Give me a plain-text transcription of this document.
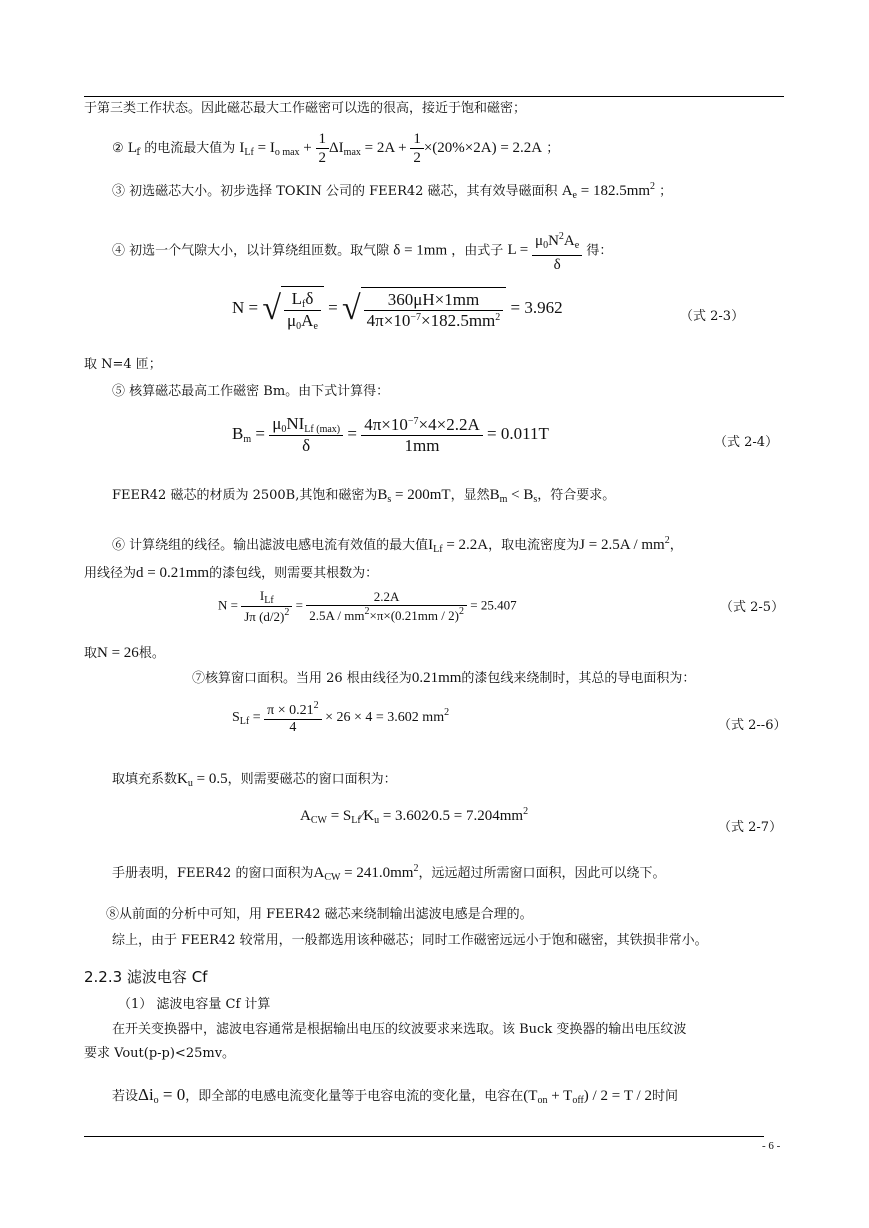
于第三类工作状态。因此磁芯最大工作磁密可以选的很高，接近于饱和磁密；
② $L_f$ 的电流最大值为 $I_{Lf} = I_{o max} + \frac{1}{2} \Delta I_{max} = 2A + \frac{1}{2} \times(20\%\times 2A) = 2.2A$ ；
③ 初选磁芯大小。初步选择 TOKIN 公司的 FEER42 磁芯，其有效导磁面积 $A_e = 182.5mm^2$ ；
④ 初选一个气隙大小，以计算绕组匝数。取气隙 δ = 1mm ，由式子 $L = \frac{\mu_0N^2A_e}{\delta}$ 得：
N = √ $\frac{L_f\delta}{\mu_0A_e}$ = √ $\frac{360\mu H\times 1mm}{4\pi\times 10^{-7}\times 182.5mm^2} = 3.962$	（式 2-3）
取 N=4 匝；
⑤ 核算磁芯最高工作磁密 Bm。由下式计算得：
$B_m = \frac{\mu_0NI_{Lf (max)}}{\delta} = \frac{4\pi\times 10^{-7}\times 4\times 2.2A}{1mm} = 0.011T$	（式 2-4）
FEER42 磁芯的材质为 2500B,其饱和磁密为$B_s = 200mT$，显然$B_m < B_s$，符合要求。
⑥ 计算绕组的线径。输出滤波电感电流有效值的最大值$I_{Lf} = 2.2A$，取电流密度为$J = 2.5A / mm^2$，
用线径为d = 0.21mm的漆包线，则需要其根数为：
$N = \frac{I_{Lf}}{J\pi (d/2)^2} = \frac{2.2A}{2.5A / mm^2\times\pi\times(0.21mm / 2)^2} = 25.407$	（式 2-5）
取N = 26根。
⑦核算窗口面积。当用 26 根由线径为0.21mm的漆包线来绕制时，其总的导电面积为：
$S_{Lf} = \frac{\pi \times 0.21^2}{4} \times 26 \times 4 = 3.602$ $mm^2$
（式 2--6）
取填充系数$K_u = 0.5$，则需要磁芯的窗口面积为：
$A_{CW}$ = $S_{Lf}⁄K_u$ = 3.602⁄0.5 = $7.204mm^2$
（式 2-7）
手册表明，FEER42 的窗口面积为$A_{CW} = 241.0mm^2$，远远超过所需窗口面积，因此可以绕下。
⑧从前面的分析中可知，用 FEER42 磁芯来绕制输出滤波电感是合理的。
综上，由于 FEER42 较常用，一般都选用该种磁芯；同时工作磁密远远小于饱和磁密，其铁损非常小。
2.2.3 滤波电容 Cf
（1） 滤波电容量 Cf 计算
在开关变换器中，滤波电容通常是根据输出电压的纹波要求来选取。该 Buck 变换器的输出电压纹波
要求 Vout(p-p)<25mv。
若设$\Delta i_o = 0$，即全部的电感电流变化量等于电容电流的变化量，电容在$(T_{on} + T_{off}) / 2 = T / 2$时间
- 6 -
